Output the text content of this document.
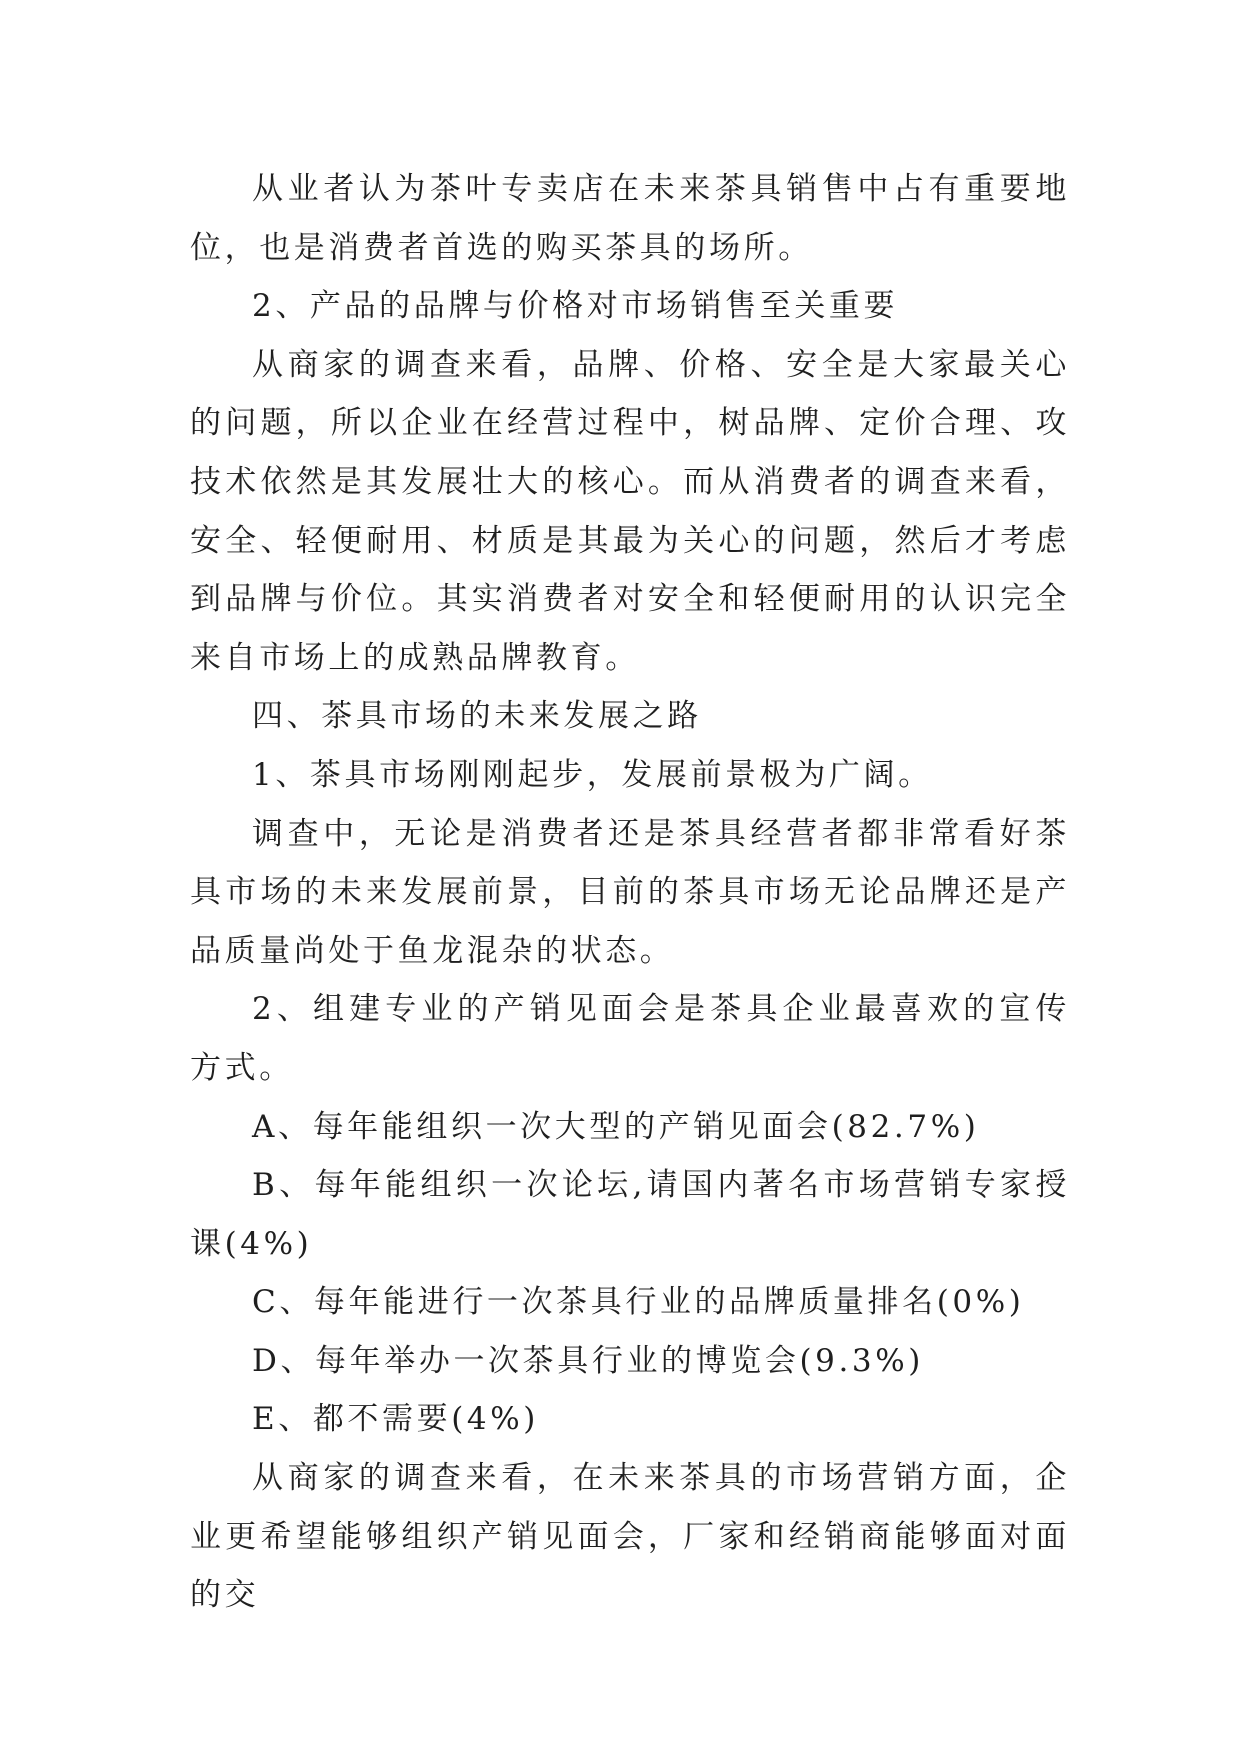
从业者认为茶叶专卖店在未来茶具销售中占有重要地位，也是消费者首选的购买茶具的场所。

2、产品的品牌与价格对市场销售至关重要

从商家的调查来看，品牌、价格、安全是大家最关心的问题，所以企业在经营过程中，树品牌、定价合理、攻技术依然是其发展壮大的核心。而从消费者的调查来看，安全、轻便耐用、材质是其最为关心的问题，然后才考虑到品牌与价位。其实消费者对安全和轻便耐用的认识完全来自市场上的成熟品牌教育。

四、茶具市场的未来发展之路

1、茶具市场刚刚起步，发展前景极为广阔。

调查中，无论是消费者还是茶具经营者都非常看好茶具市场的未来发展前景，目前的茶具市场无论品牌还是产品质量尚处于鱼龙混杂的状态。

2、组建专业的产销见面会是茶具企业最喜欢的宣传方式。

A、每年能组织一次大型的产销见面会(82.7%)

B、每年能组织一次论坛,请国内著名市场营销专家授课(4%)

C、每年能进行一次茶具行业的品牌质量排名(0%)

D、每年举办一次茶具行业的博览会(9.3%)

E、都不需要(4%)

从商家的调查来看，在未来茶具的市场营销方面，企业更希望能够组织产销见面会，厂家和经销商能够面对面的交
